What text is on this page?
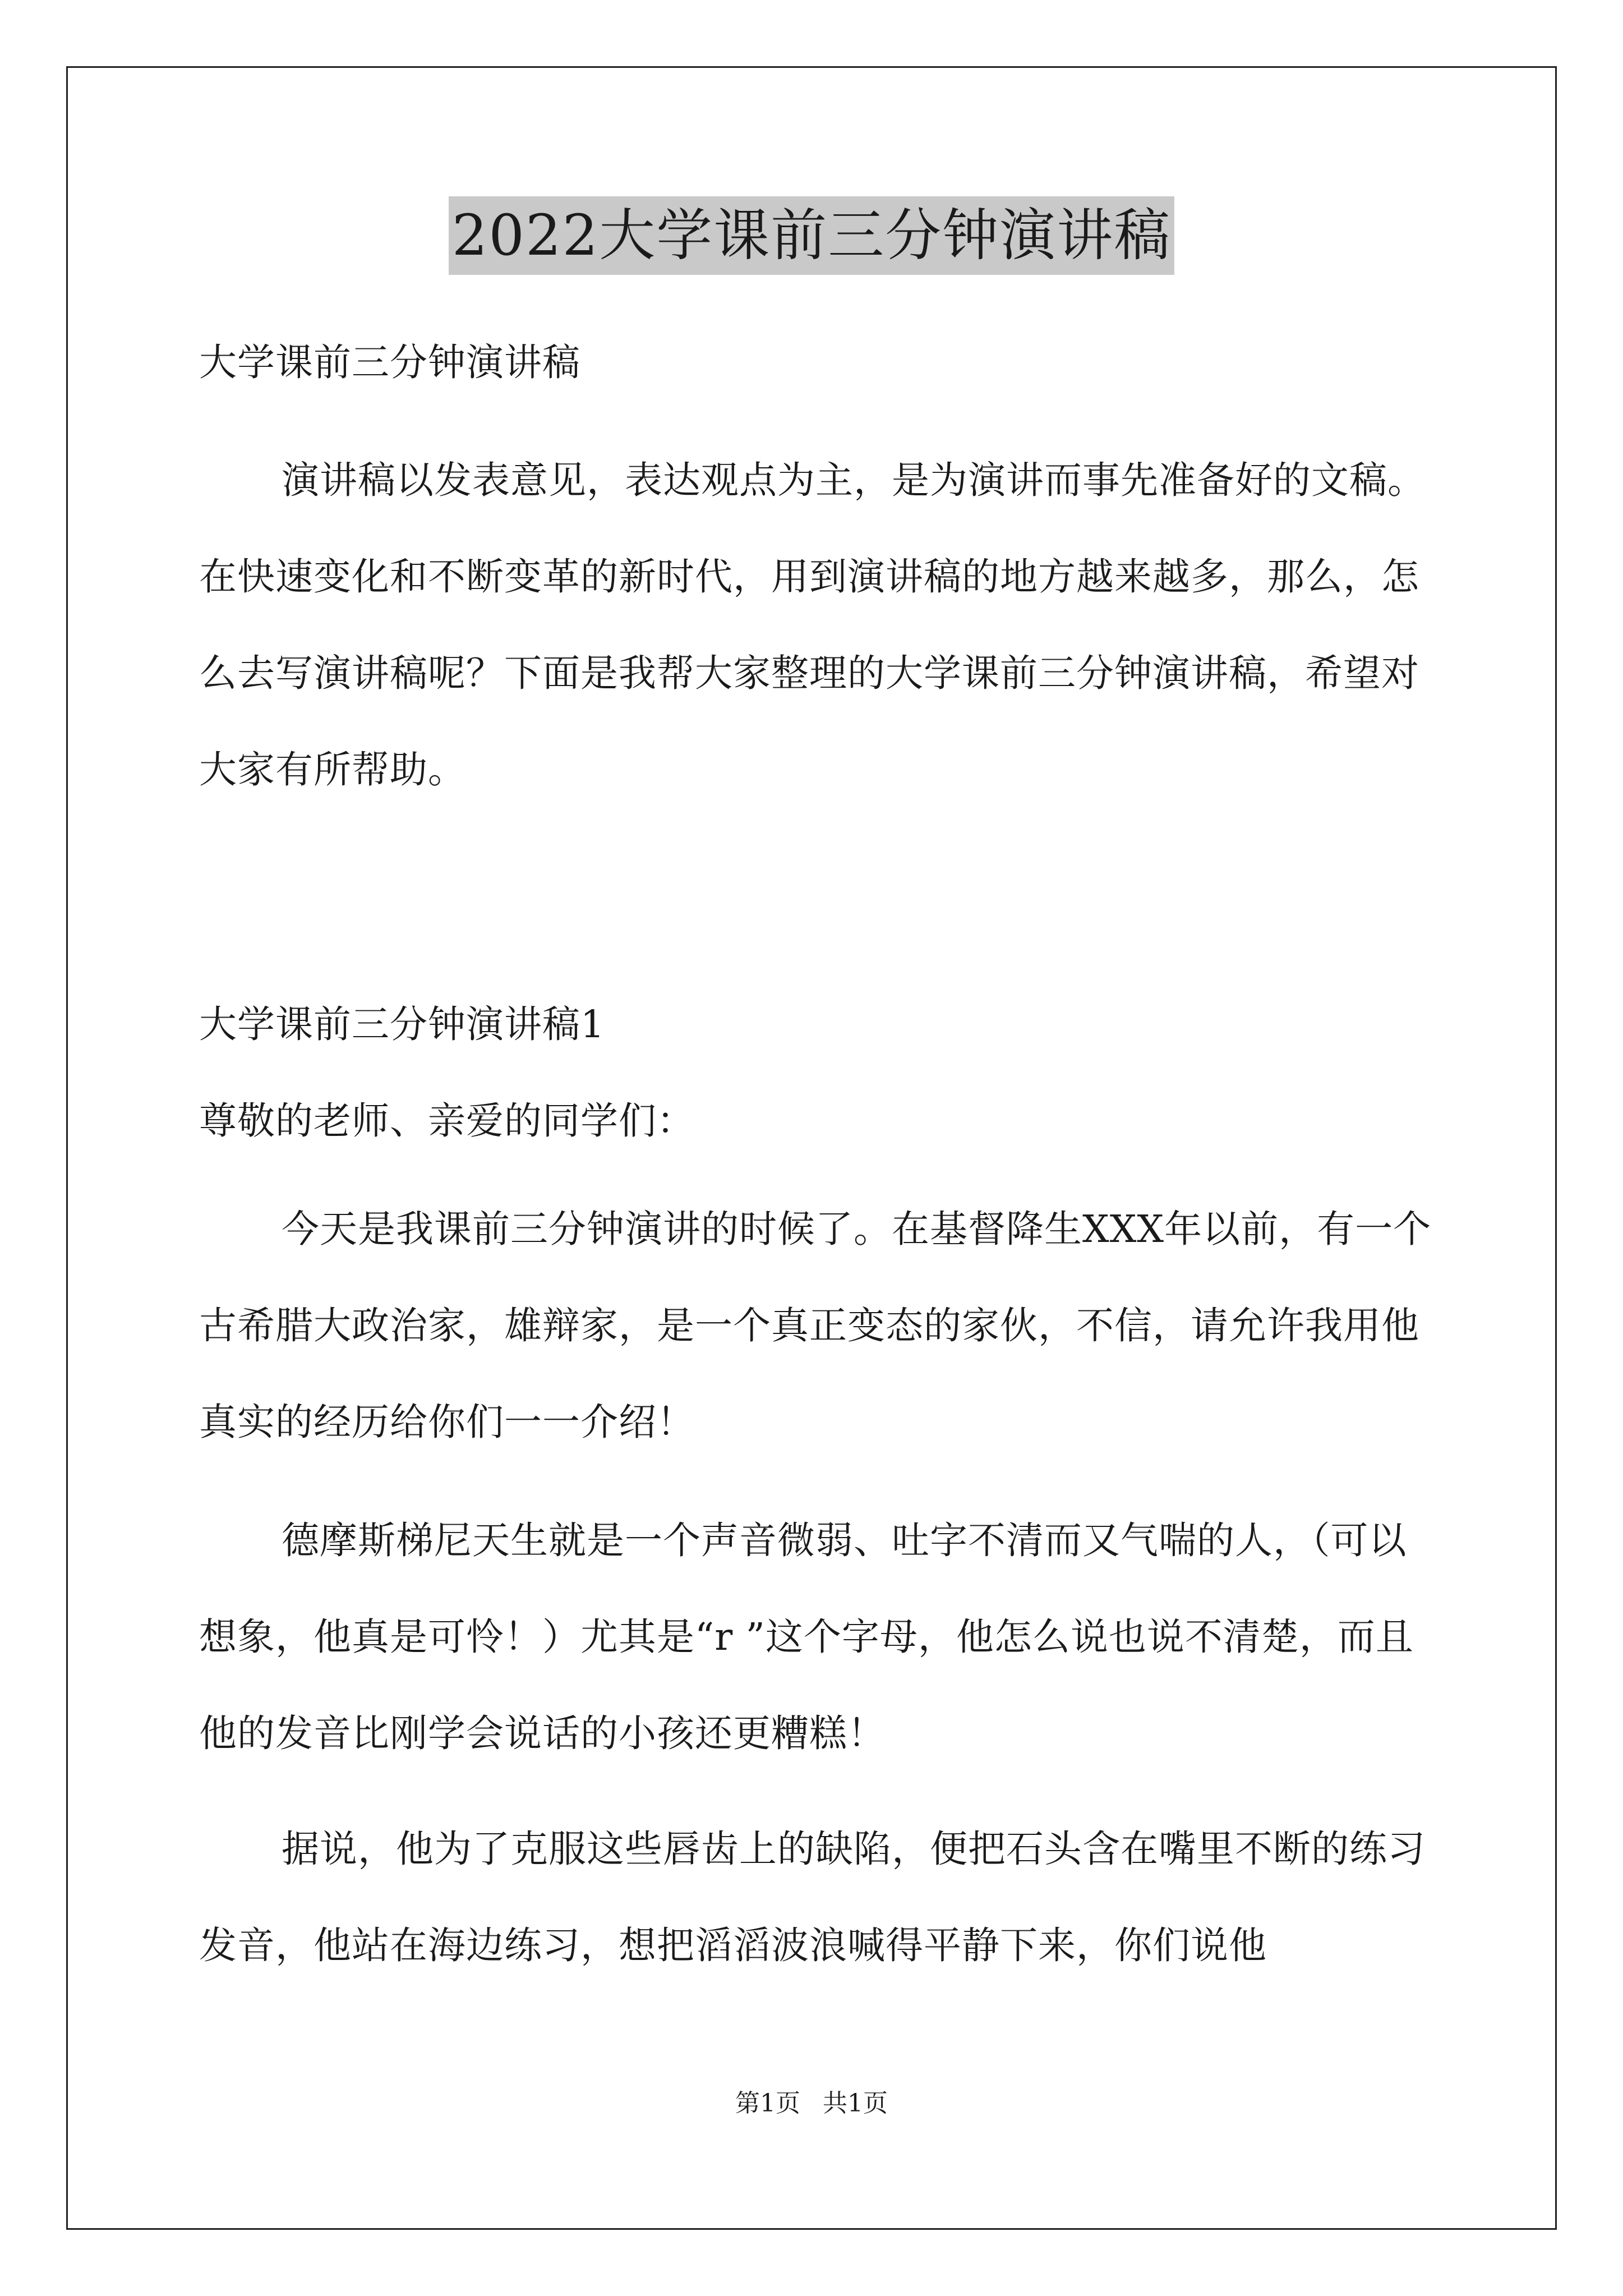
2022大学课前三分钟演讲稿
大学课前三分钟演讲稿
演讲稿以发表意见，表达观点为主，是为演讲而事先准备好的文稿。在快速变化和不断变革的新时代，用到演讲稿的地方越来越多，那么，怎么去写演讲稿呢？下面是我帮大家整理的大学课前三分钟演讲稿，希望对大家有所帮助。
大学课前三分钟演讲稿1
尊敬的老师、亲爱的同学们：
今天是我课前三分钟演讲的时候了。在基督降生XXX年以前，有一个古希腊大政治家，雄辩家，是一个真正变态的家伙，不信，请允许我用他真实的经历给你们一一介绍！
德摩斯梯尼天生就是一个声音微弱、吐字不清而又气喘的人，（可以想象，他真是可怜！）尤其是“r ”这个字母，他怎么说也说不清楚，而且他的发音比刚学会说话的小孩还更糟糕！
据说，他为了克服这些唇齿上的缺陷，便把石头含在嘴里不断的练习发音，他站在海边练习，想把滔滔波浪喊得平静下来，你们说他
第1页 共1页
